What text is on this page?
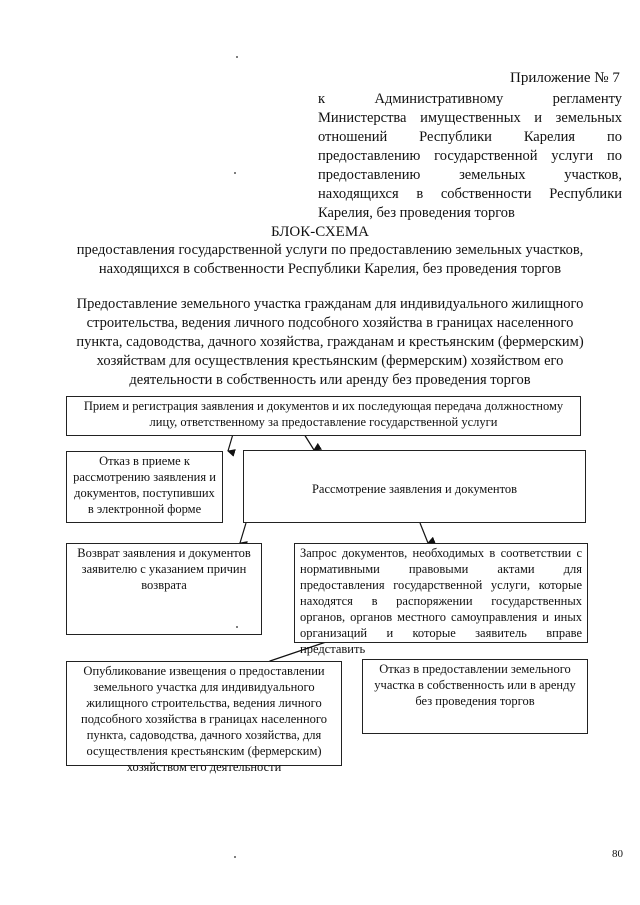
Приложение № 7
к Административному регламенту Министерства имущественных и земельных отношений Республики Карелия по предоставлению государственной услуги по предоставлению земельных участков, находящихся в собственности Республики Карелия, без проведения торгов
БЛОК-СХЕМА
предоставления государственной услуги по предоставлению земельных участков, находящихся в собственности Республики Карелия, без проведения торгов
Предоставление земельного участка гражданам для индивидуального жилищного строительства, ведения личного подсобного хозяйства в границах населенного пункта, садоводства, дачного хозяйства, гражданам и крестьянским (фермерским) хозяйствам для осуществления крестьянским (фермерским) хозяйством его деятельности в собственность или аренду без проведения торгов
Прием и регистрация заявления и документов и их последующая передача должностному лицу, ответственному за предоставление государственной услуги
Отказ в приеме к рассмотрению заявления и документов, поступивших в электронной форме
Рассмотрение заявления и документов
Возврат заявления и документов заявителю с указанием причин возврата
Запрос документов, необходимых в соответствии с нормативными правовыми актами для предоставления государственной услуги, которые находятся в распоряжении государственных органов, органов местного самоуправления и иных организаций и которые заявитель вправе представить
Опубликование извещения о предоставлении земельного участка для индивидуального жилищного строительства, ведения личного подсобного хозяйства в границах населенного пункта, садоводства, дачного хозяйства, для осуществления крестьянским (фермерским) хозяйством его деятельности
Отказ в предоставлении земельного участка в собственность или в аренду без проведения торгов
80
